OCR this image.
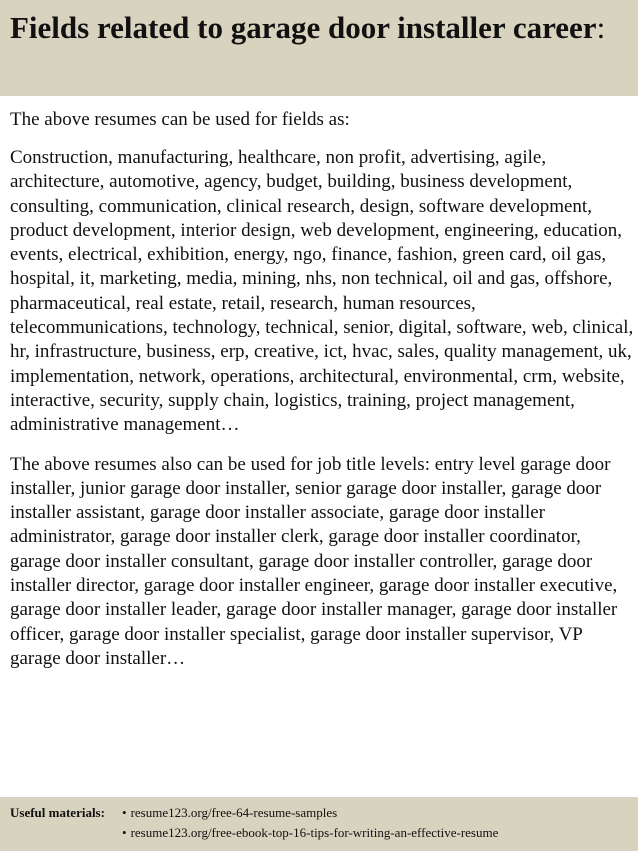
Fields related to garage door installer career:

The above resumes can be used for fields as:

Construction, manufacturing, healthcare, non profit, advertising, agile, architecture, automotive, agency, budget, building, business development, consulting, communication, clinical research, design, software development, product development, interior design, web development, engineering, education, events, electrical, exhibition, energy, ngo, finance, fashion, green card, oil gas, hospital, it, marketing, media, mining, nhs, non technical, oil and gas, offshore, pharmaceutical, real estate, retail, research, human resources, telecommunications, technology, technical, senior, digital, software, web, clinical, hr, infrastructure, business, erp, creative, ict, hvac, sales, quality management, uk, implementation, network, operations, architectural, environmental, crm, website, interactive, security, supply chain, logistics, training, project management, administrative management…

The above resumes also can be used for job title levels: entry level garage door installer, junior garage door installer, senior garage door installer, garage door installer assistant, garage door installer associate, garage door installer administrator, garage door installer clerk, garage door installer coordinator, garage door installer consultant, garage door installer controller, garage door installer director, garage door installer engineer, garage door installer executive, garage door installer leader, garage door installer manager, garage door installer officer, garage door installer specialist, garage door installer supervisor, VP garage door installer…

Useful materials:	• resume123.org/free-64-resume-samples
• resume123.org/free-ebook-top-16-tips-for-writing-an-effective-resume
